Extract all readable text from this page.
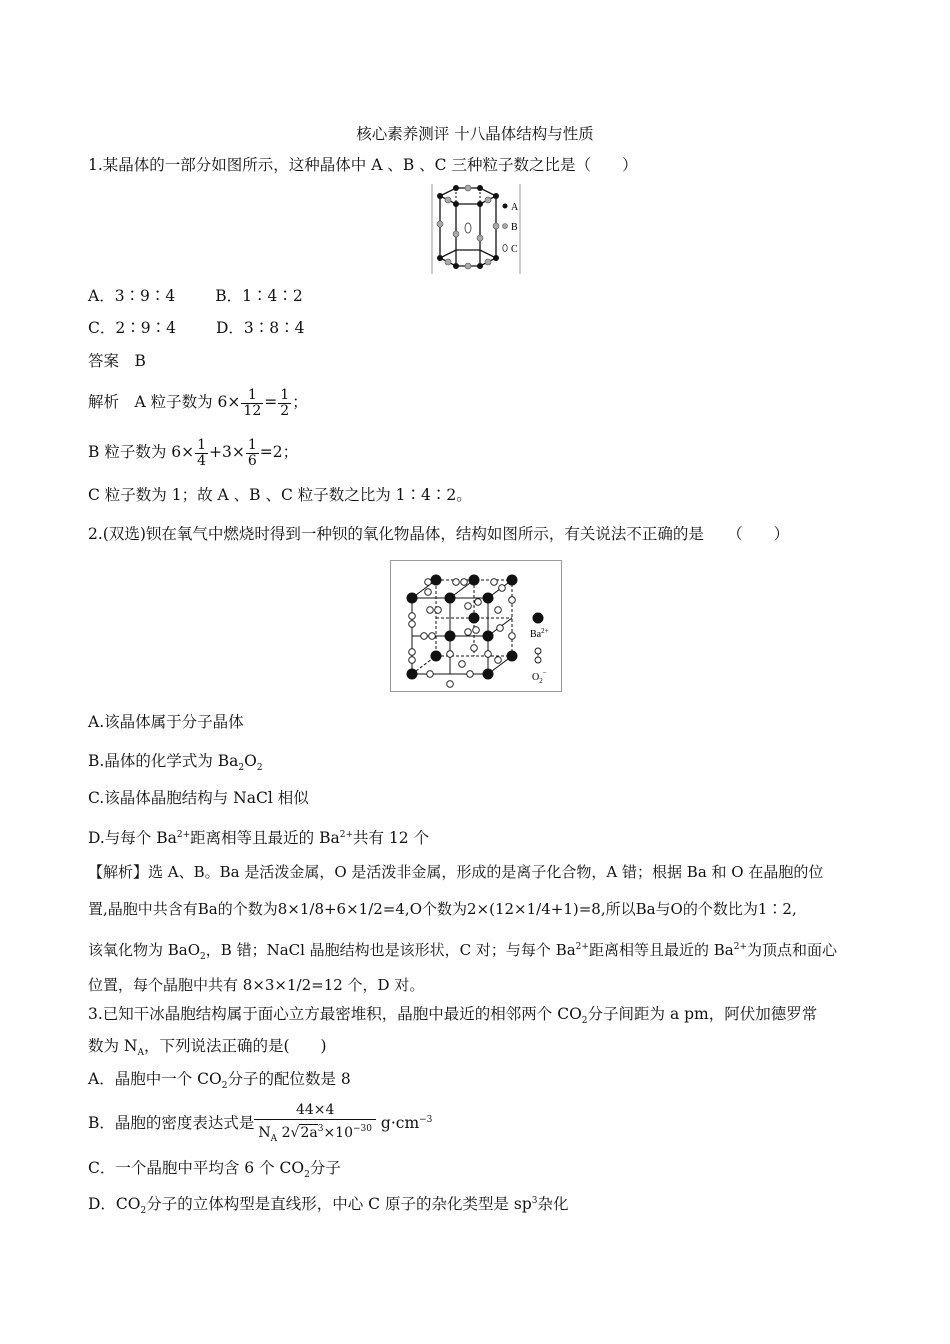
核心素养测评 十八晶体结构与性质
1.某晶体的一部分如图所示，这种晶体中 A 、B 、C 三种粒子数之比是（　　）
A
B
C
A．3∶9∶4	B．1∶4∶2
C．2∶9∶4	D．3∶8∶4
答案　B
解析　A 粒子数为 $6\times \frac{1}{12} = \frac{1}{2}$ ；
B 粒子数为 $6\times \frac{1}{4} +3\times \frac{1}{6} =2$；
C 粒子数为 1；故 A 、B 、C 粒子数之比为 1∶4∶2。
2.(双选)钡在氧气中燃烧时得到一种钡的氧化物晶体，结构如图所示，有关说法不正确的是　　（　　）
$Ba^{2+}$
$O_2^-$
A.该晶体属于分子晶体
B.晶体的化学式为 $Ba_2O_2$
C.该晶体晶胞结构与 NaCl 相似
D.与每个 $Ba^{2+}$距离相等且最近的 $Ba^{2+}$共有 12 个
【解析】选 A、B。Ba 是活泼金属，O 是活泼非金属，形成的是离子化合物，A 错；根据 Ba 和 O 在晶胞的位
置,晶胞中共含有Ba的个数为8×1/8+6×1/2=4,O个数为2×(12×1/4+1)=8,所以Ba与O的个数比为1∶2,
该氧化物为 BaO$_2$，B 错；NaCl 晶胞结构也是该形状，C 对；与每个 $Ba^{2+}$距离相等且最近的 $Ba^{2+}$为顶点和面心
位置，每个晶胞中共有 8×3×1/2=12 个，D 对。
3.已知干冰晶胞结构属于面心立方最密堆积，晶胞中最近的相邻两个 $CO_2$分子间距为 a pm，阿伏加德罗常
数为 $N_A$，下列说法正确的是(　　)
A．晶胞中一个 $CO_2$分子的配位数是 8
B．晶胞的密度表达式是 $\frac{44\times 4}{N_A 2√2a^3\times 10^{-30}} g\cdot cm^{-3}$
C．一个晶胞中平均含 6 个 $CO_2$分子
D．$CO_2$分子的立体构型是直线形，中心 C 原子的杂化类型是 $sp^3$杂化
